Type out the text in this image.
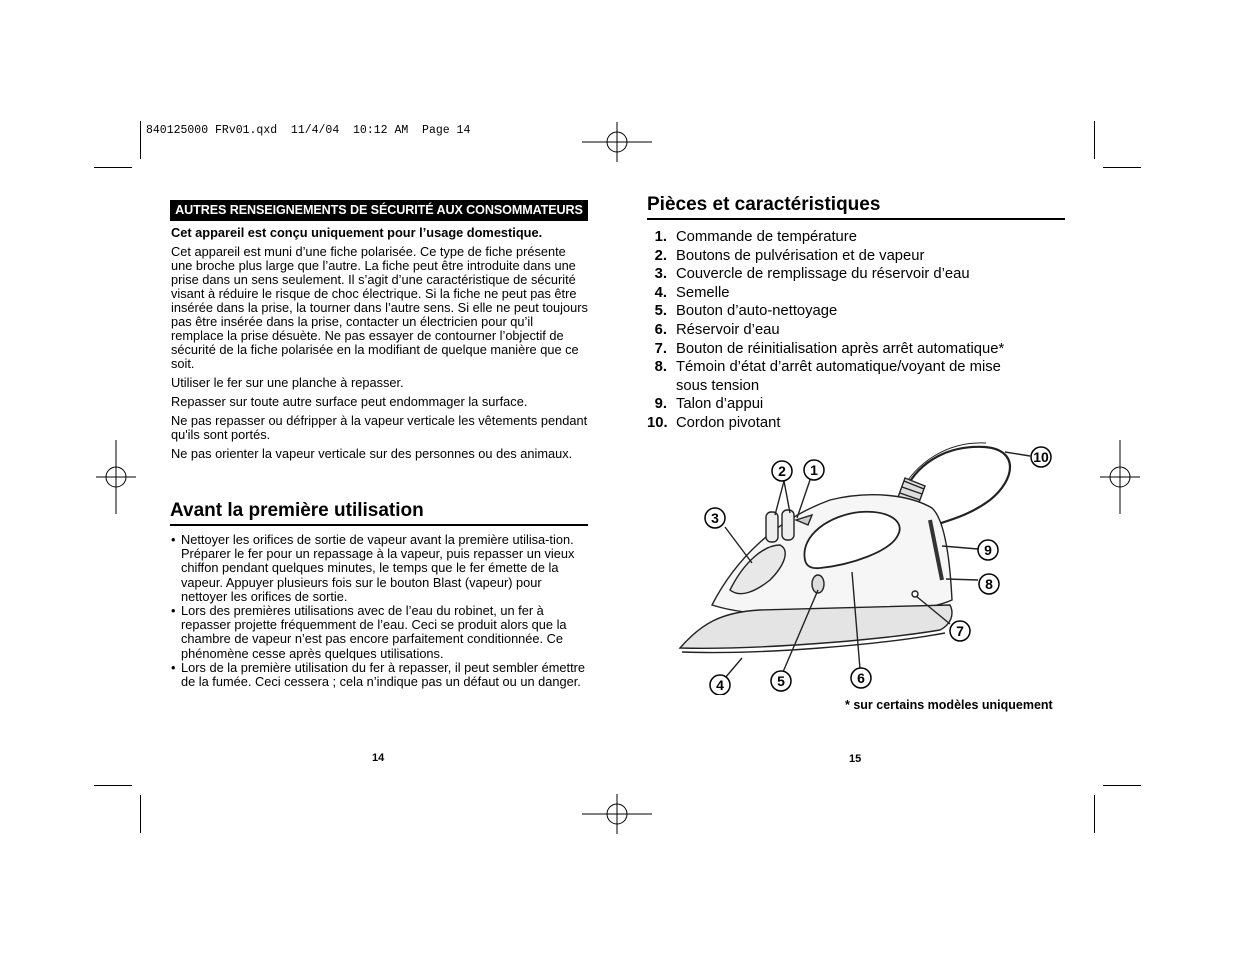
840125000 FRv01.qxd  11/4/04  10:12 AM  Page 14
AUTRES RENSEIGNEMENTS DE SÉCURITÉ AUX CONSOMMATEURS

Cet appareil est conçu uniquement pour l’usage domestique.

Cet appareil est muni d’une fiche polarisée. Ce type de fiche présente une broche plus large que l’autre. La fiche peut être introduite dans une prise dans un sens seulement. Il s’agit d’une caractéristique de sécurité visant à réduire le risque de choc électrique. Si la fiche ne peut pas être insérée dans la prise, la tourner dans l’autre sens. Si elle ne peut toujours pas être insérée dans la prise, contacter un électricien pour qu’il remplace la prise désuète. Ne pas essayer de contourner l’objectif de sécurité de la fiche polarisée en la modifiant de quelque manière que ce soit.

Utiliser le fer sur une planche à repasser.

Repasser sur toute autre surface peut endommager la surface.

Ne pas repasser ou défripper à la vapeur verticale les vêtements pendant qu'ils sont portés.

Ne pas orienter la vapeur verticale sur des personnes ou des animaux.

Avant la première utilisation

• Nettoyer les orifices de sortie de vapeur avant la première utilisa-tion. Préparer le fer pour un repassage à la vapeur, puis repasser un vieux chiffon pendant quelques minutes, le temps que le fer émette de la vapeur. Appuyer plusieurs fois sur le bouton Blast (vapeur) pour nettoyer les orifices de sortie.

• Lors des premières utilisations avec de l’eau du robinet, un fer à repasser projette fréquemment de l’eau. Ceci se produit alors que la chambre de vapeur n’est pas encore parfaitement conditionnée. Ce phénomène cesse après quelques utilisations.

• Lors de la première utilisation du fer à repasser, il peut sembler émettre de la fumée. Ceci cessera ; cela n’indique pas un défaut ou un danger.

14
Pièces et caractéristiques
1. Commande de température
2. Boutons de pulvérisation et de vapeur
3. Couvercle de remplissage du réservoir d’eau
4. Semelle
5. Bouton d’auto-nettoyage
6. Réservoir d’eau
7. Bouton de réinitialisation après arrêt automatique*
8. Témoin d’état d’arrêt automatique/voyant de mise sous tension
9. Talon d’appui
10. Cordon pivotant
1
2
3
4	5	6
7
8
9
10
* sur certains modèles uniquement
15
